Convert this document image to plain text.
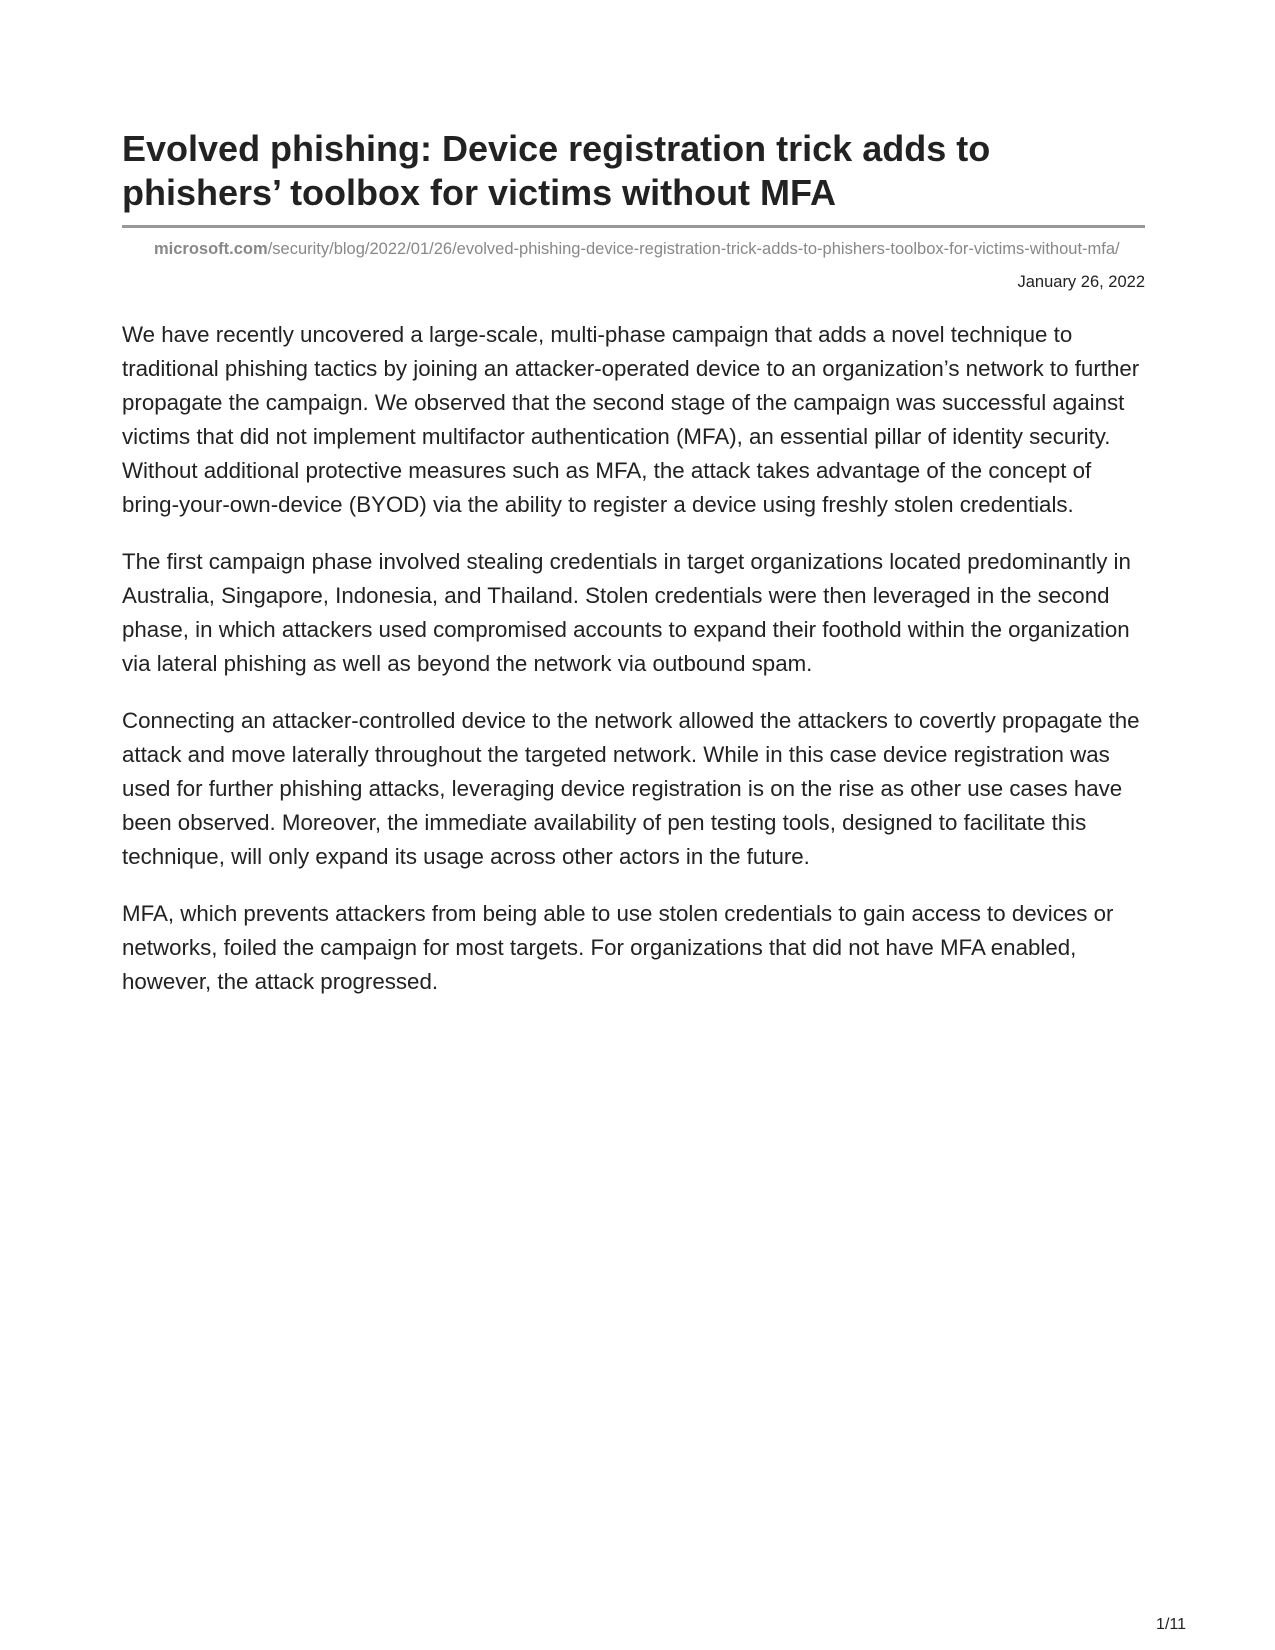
Evolved phishing: Device registration trick adds to phishers’ toolbox for victims without MFA
microsoft.com/security/blog/2022/01/26/evolved-phishing-device-registration-trick-adds-to-phishers-toolbox-for-victims-without-mfa/
January 26, 2022

We have recently uncovered a large-scale, multi-phase campaign that adds a novel technique to traditional phishing tactics by joining an attacker-operated device to an organization’s network to further propagate the campaign. We observed that the second stage of the campaign was successful against victims that did not implement multifactor authentication (MFA), an essential pillar of identity security. Without additional protective measures such as MFA, the attack takes advantage of the concept of bring-your-own-device (BYOD) via the ability to register a device using freshly stolen credentials.

The first campaign phase involved stealing credentials in target organizations located predominantly in Australia, Singapore, Indonesia, and Thailand. Stolen credentials were then leveraged in the second phase, in which attackers used compromised accounts to expand their foothold within the organization via lateral phishing as well as beyond the network via outbound spam.

Connecting an attacker-controlled device to the network allowed the attackers to covertly propagate the attack and move laterally throughout the targeted network. While in this case device registration was used for further phishing attacks, leveraging device registration is on the rise as other use cases have been observed. Moreover, the immediate availability of pen testing tools, designed to facilitate this technique, will only expand its usage across other actors in the future.

MFA, which prevents attackers from being able to use stolen credentials to gain access to devices or networks, foiled the campaign for most targets. For organizations that did not have MFA enabled, however, the attack progressed.

1/11
